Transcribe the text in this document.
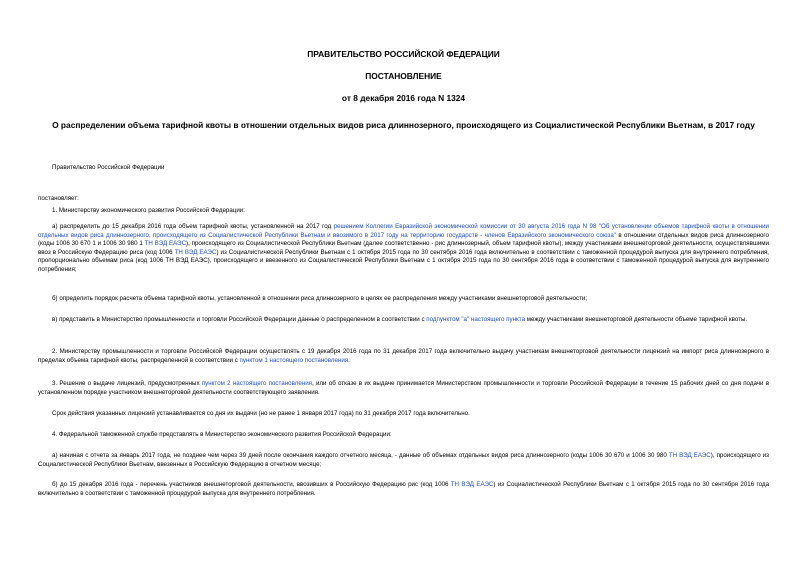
ПРАВИТЕЛЬСТВО РОССИЙСКОЙ ФЕДЕРАЦИИ
ПОСТАНОВЛЕНИЕ
от 8 декабря 2016 года N 1324
О распределении объема тарифной квоты в отношении отдельных видов риса длиннозерного, происходящего из Социалистической Республики Вьетнам, в 2017 году
Правительство Российской Федерации
постановляет:
1. Министерству экономического развития Российской Федерации:
а) распределить до 15 декабря 2016 года объем тарифной квоты, установленной на 2017 год решением Коллегии Евразийской экономической комиссии от 30 августа 2016 года N 98 "Об установлении объемов тарифной квоты в отношении отдельных видов риса длиннозерного, происходящего из Социалистической Республики Вьетнам и ввозимого в 2017 году на территорию государств - членов Евразийского экономического союза" в отношении отдельных видов риса длиннозерного (коды 1006 30 670 1 и 1006 30 980 1 ТН ВЭД ЕАЭС), происходящего из Социалистической Республики Вьетнам (далее соответственно - рис длиннозерный, объем тарифной квоты), между участниками внешнеторговой деятельности, осуществлявшими ввоз в Российскую Федерацию риса (код 1006 ТН ВЭД ЕАЭС) из Социалистической Республики Вьетнам с 1 октября 2015 года по 30 сентября 2016 года включительно в соответствии с таможенной процедурой выпуска для внутреннего потребления, пропорционально объемам риса (код 1006 ТН ВЭД ЕАЭС), происходящего и ввезенного из Социалистической Республики Вьетнам с 1 октября 2015 года по 30 сентября 2016 года в соответствии с таможенной процедурой выпуска для внутреннего потребления;
б) определить порядок расчета объема тарифной квоты, установленной в отношении риса длиннозерного в целях ее распределения между участниками внешнеторговой деятельности;
в) представить в Министерство промышленности и торговли Российской Федерации данные о распределенном в соответствии с подпунктом "а" настоящего пункта между участниками внешнеторговой деятельности объеме тарифной квоты.
2. Министерству промышленности и торговли Российской Федерации осуществлять с 19 декабря 2016 года по 31 декабря 2017 года включительно выдачу участникам внешнеторговой деятельности лицензий на импорт риса длиннозерного в пределах объема тарифной квоты, распределенной в соответствии с пунктом 1 настоящего постановления.
3. Решение о выдаче лицензий, предусмотренных пунктом 2 настоящего постановления, или об отказе в их выдаче принимается Министерством промышленности и торговли Российской Федерации в течение 15 рабочих дней со дня подачи в установленном порядке участником внешнеторговой деятельности соответствующего заявления.
Срок действия указанных лицензий устанавливается со дня их выдачи (но не ранее 1 января 2017 года) по 31 декабря 2017 года включительно.
4. Федеральной таможенной службе представлять в Министерство экономического развития Российской Федерации:
а) начиная с отчета за январь 2017 года, не позднее чем через 39 дней после окончания каждого отчетного месяца, - данные об объемах отдельных видов риса длиннозерного (коды 1006 30 670 и 1006 30 980 ТН ВЭД ЕАЭС), происходящего из Социалистической Республики Вьетнам, ввезенных в Российскую Федерацию в отчетном месяце;
б) до 15 декабря 2016 года - перечень участников внешнеторговой деятельности, ввозивших в Российскую Федерацию рис (код 1006 ТН ВЭД ЕАЭС) из Социалистической Республики Вьетнам с 1 октября 2015 года по 30 сентября 2016 года включительно в соответствии с таможенной процедурой выпуска для внутреннего потребления.
